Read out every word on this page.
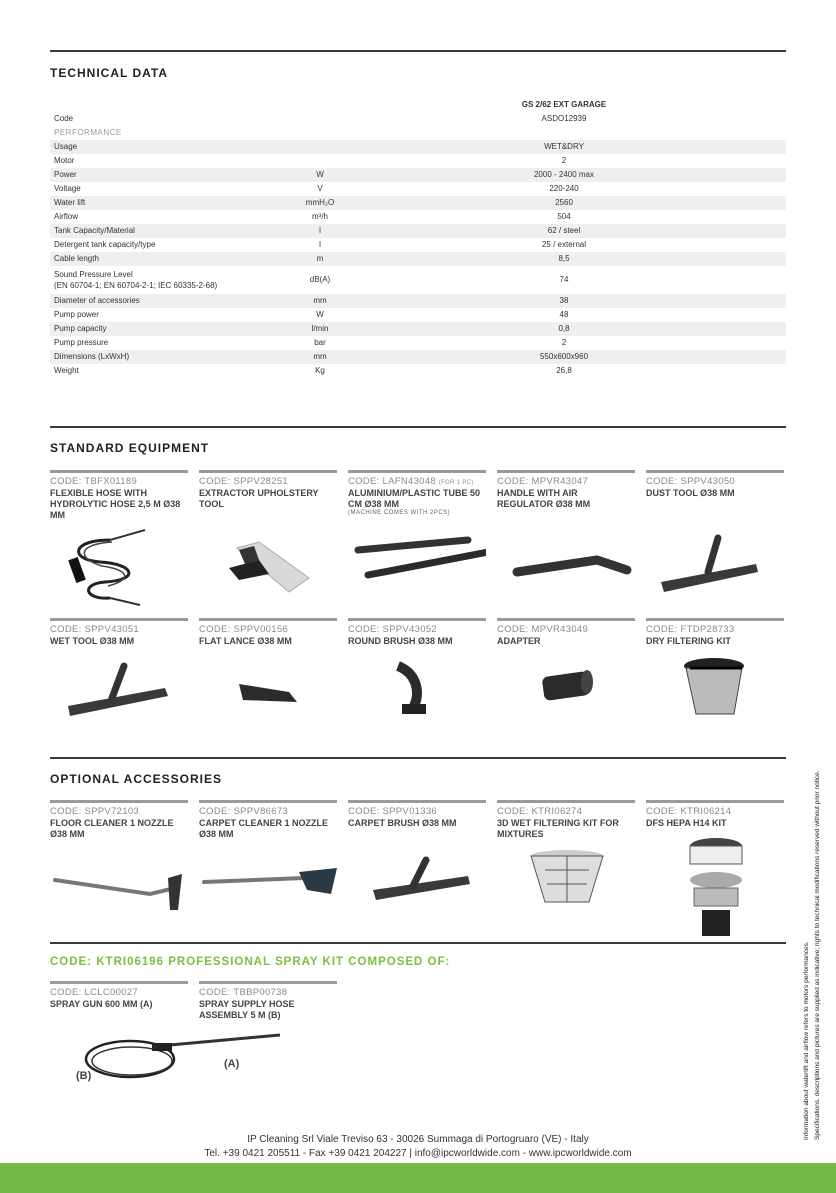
TECHNICAL DATA
GS 2/62 EXT GARAGE
Code	ASDO12939
PERFORMANCE
Usage	WET&DRY
Motor	2
Power	W	2000 - 2400 max
Voltage	V	220-240
Water lift	mmH₂O	2560
Airflow	m³/h	504
Tank Capacity/Material	l	62 / steel
Detergent tank capacity/type	l	25 / external
Cable length	m	8,5
Sound Pressure Level
(EN 60704-1; EN 60704-2-1; IEC 60335-2-68)
dB(A)	74
Diameter of accessories	mm	38
Pump power	W	48
Pump capacity	l/min	0,8
Pump pressure	bar	2
Dimensions (LxWxH)	mm	550x600x960
Weight	Kg	26,8
STANDARD EQUIPMENT
CODE: TBFX01189
FLEXIBLE HOSE WITH HYDROLYTIC HOSE 2,5 M Ø38 MM
CODE: SPPV28251
EXTRACTOR UPHOLSTERY TOOL
CODE: LAFN43048 (FOR 1 PC)
ALUMINIUM/PLASTIC TUBE 50 CM Ø38 MM
(MACHINE COMES WITH 2PCS)
CODE: MPVR43047
HANDLE WITH AIR REGULATOR Ø38 MM
CODE: SPPV43050
DUST TOOL Ø38 MM
CODE: SPPV43051
WET TOOL Ø38 MM
CODE: SPPV00156
FLAT LANCE Ø38 MM
CODE: SPPV43052
ROUND BRUSH Ø38 MM
CODE: MPVR43049
ADAPTER
CODE: FTDP28733
DRY FILTERING KIT
OPTIONAL ACCESSORIES
CODE: SPPV72103
FLOOR CLEANER 1 NOZZLE Ø38 MM
CODE: SPPV86673
CARPET CLEANER 1 NOZZLE Ø38 MM
CODE: SPPV01336
CARPET BRUSH Ø38 MM
CODE: KTRI06274
3D WET FILTERING KIT FOR MIXTURES
CODE: KTRI06214
DFS HEPA H14 KIT
CODE: KTRI06196 PROFESSIONAL SPRAY KIT COMPOSED OF:
CODE: LCLC00027
SPRAY GUN 600 MM (A)
CODE: TBBP00738
SPRAY SUPPLY HOSE ASSEMBLY 5 M (B)
(B)
(A)	Information about waterlift and airflow refers to motors performances. Specifications, descriptions and pictures are supplied as indicative; rights to technical modifications reserved without prior notice.
IP Cleaning Srl Viale Treviso 63 - 30026 Summaga di Portogruaro (VE) - Italy
Tel. +39 0421 205511 - Fax +39 0421 204227 | info@ipcworldwide.com - www.ipcworldwide.com
